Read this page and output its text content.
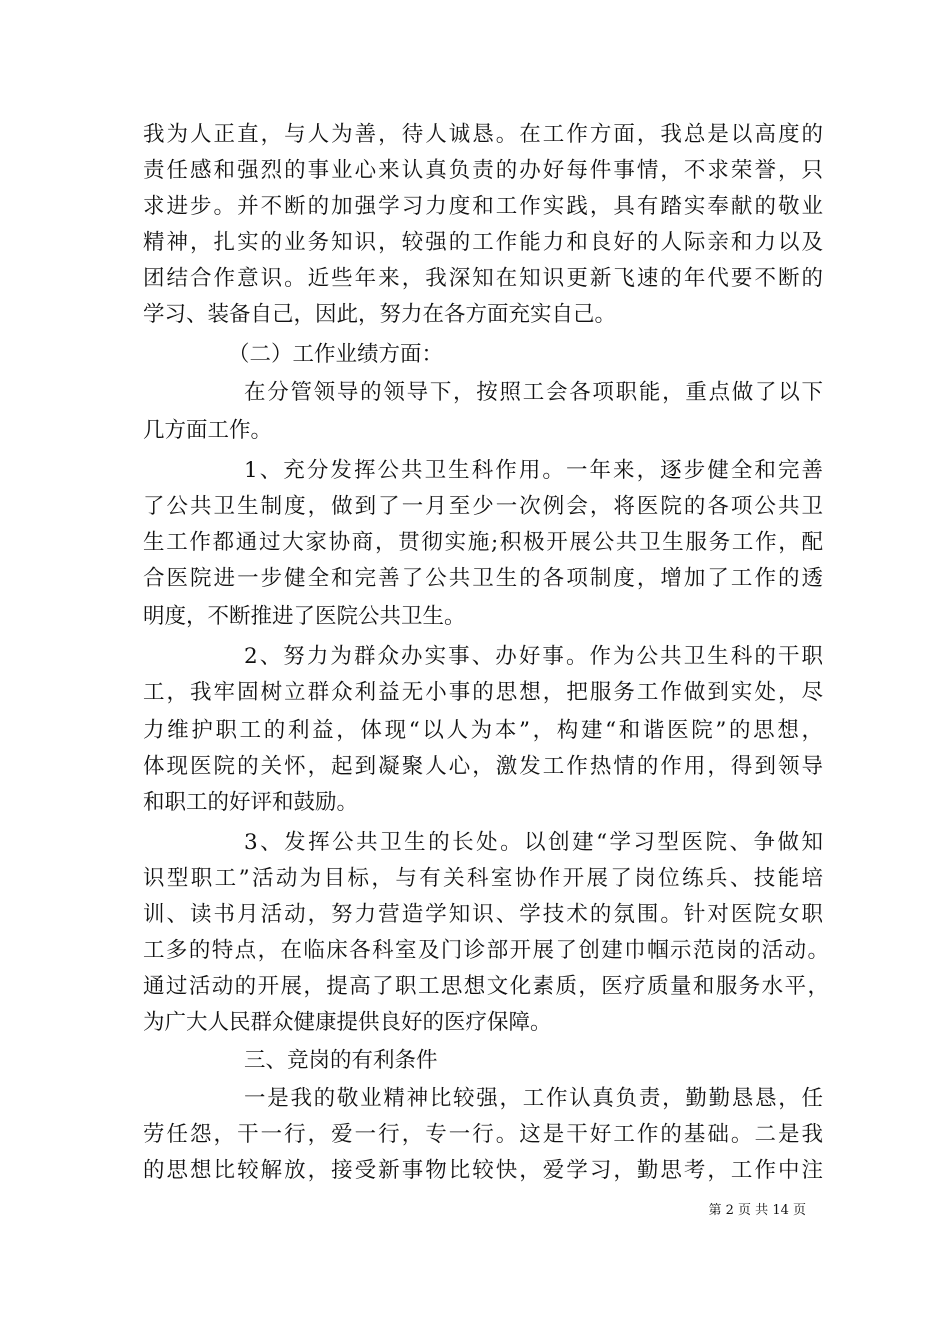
我为人正直，与人为善，待人诚恳。在工作方面，我总是以高度的
责任感和强烈的事业心来认真负责的办好每件事情，不求荣誉，只
求进步。并不断的加强学习力度和工作实践，具有踏实奉献的敬业
精神，扎实的业务知识，较强的工作能力和良好的人际亲和力以及
团结合作意识。近些年来，我深知在知识更新飞速的年代要不断的
学习、装备自己，因此，努力在各方面充实自己。
（二）工作业绩方面：
在分管领导的领导下，按照工会各项职能，重点做了以下
几方面工作。
1、充分发挥公共卫生科作用。一年来，逐步健全和完善
了公共卫生制度，做到了一月至少一次例会，将医院的各项公共卫
生工作都通过大家协商，贯彻实施;积极开展公共卫生服务工作，配
合医院进一步健全和完善了公共卫生的各项制度，增加了工作的透
明度，不断推进了医院公共卫生。
2、努力为群众办实事、办好事。作为公共卫生科的干职
工，我牢固树立群众利益无小事的思想，把服务工作做到实处，尽
力维护职工的利益，体现“以人为本”，构建“和谐医院”的思想，
体现医院的关怀，起到凝聚人心，激发工作热情的作用，得到领导
和职工的好评和鼓励。
3、发挥公共卫生的长处。以创建“学习型医院、争做知
识型职工”活动为目标，与有关科室协作开展了岗位练兵、技能培
训、读书月活动，努力营造学知识、学技术的氛围。针对医院女职
工多的特点，在临床各科室及门诊部开展了创建巾帼示范岗的活动。
通过活动的开展，提高了职工思想文化素质，医疗质量和服务水平，
为广大人民群众健康提供良好的医疗保障。
三、竞岗的有利条件
一是我的敬业精神比较强，工作认真负责，勤勤恳恳，任
劳任怨，干一行，爱一行，专一行。这是干好工作的基础。二是我
的思想比较解放，接受新事物比较快，爱学习，勤思考，工作中注
第 2 页 共 14 页
